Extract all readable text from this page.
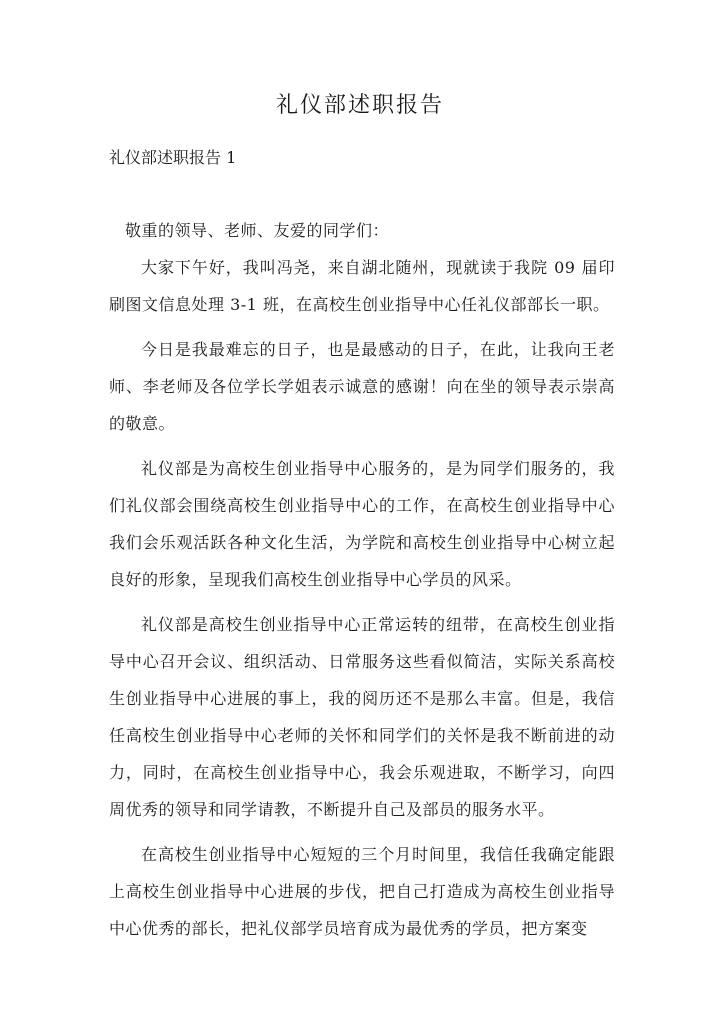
礼仪部述职报告

礼仪部述职报告 1

敬重的领导、老师、友爱的同学们：

大家下午好，我叫冯尧，来自湖北随州，现就读于我院 09 届印刷图文信息处理 3-1 班，在高校生创业指导中心任礼仪部部长一职。

今日是我最难忘的日子，也是最感动的日子，在此，让我向王老师、李老师及各位学长学姐表示诚意的感谢！向在坐的领导表示崇高的敬意。

礼仪部是为高校生创业指导中心服务的，是为同学们服务的，我们礼仪部会围绕高校生创业指导中心的工作，在高校生创业指导中心我们会乐观活跃各种文化生活，为学院和高校生创业指导中心树立起良好的形象，呈现我们高校生创业指导中心学员的风采。

礼仪部是高校生创业指导中心正常运转的纽带，在高校生创业指导中心召开会议、组织活动、日常服务这些看似简洁，实际关系高校生创业指导中心进展的事上，我的阅历还不是那么丰富。但是，我信任高校生创业指导中心老师的关怀和同学们的关怀是我不断前进的动力，同时，在高校生创业指导中心，我会乐观进取，不断学习，向四周优秀的领导和同学请教，不断提升自己及部员的服务水平。

在高校生创业指导中心短短的三个月时间里，我信任我确定能跟上高校生创业指导中心进展的步伐，把自己打造成为高校生创业指导中心优秀的部长，把礼仪部学员培育成为最优秀的学员，把方案变
